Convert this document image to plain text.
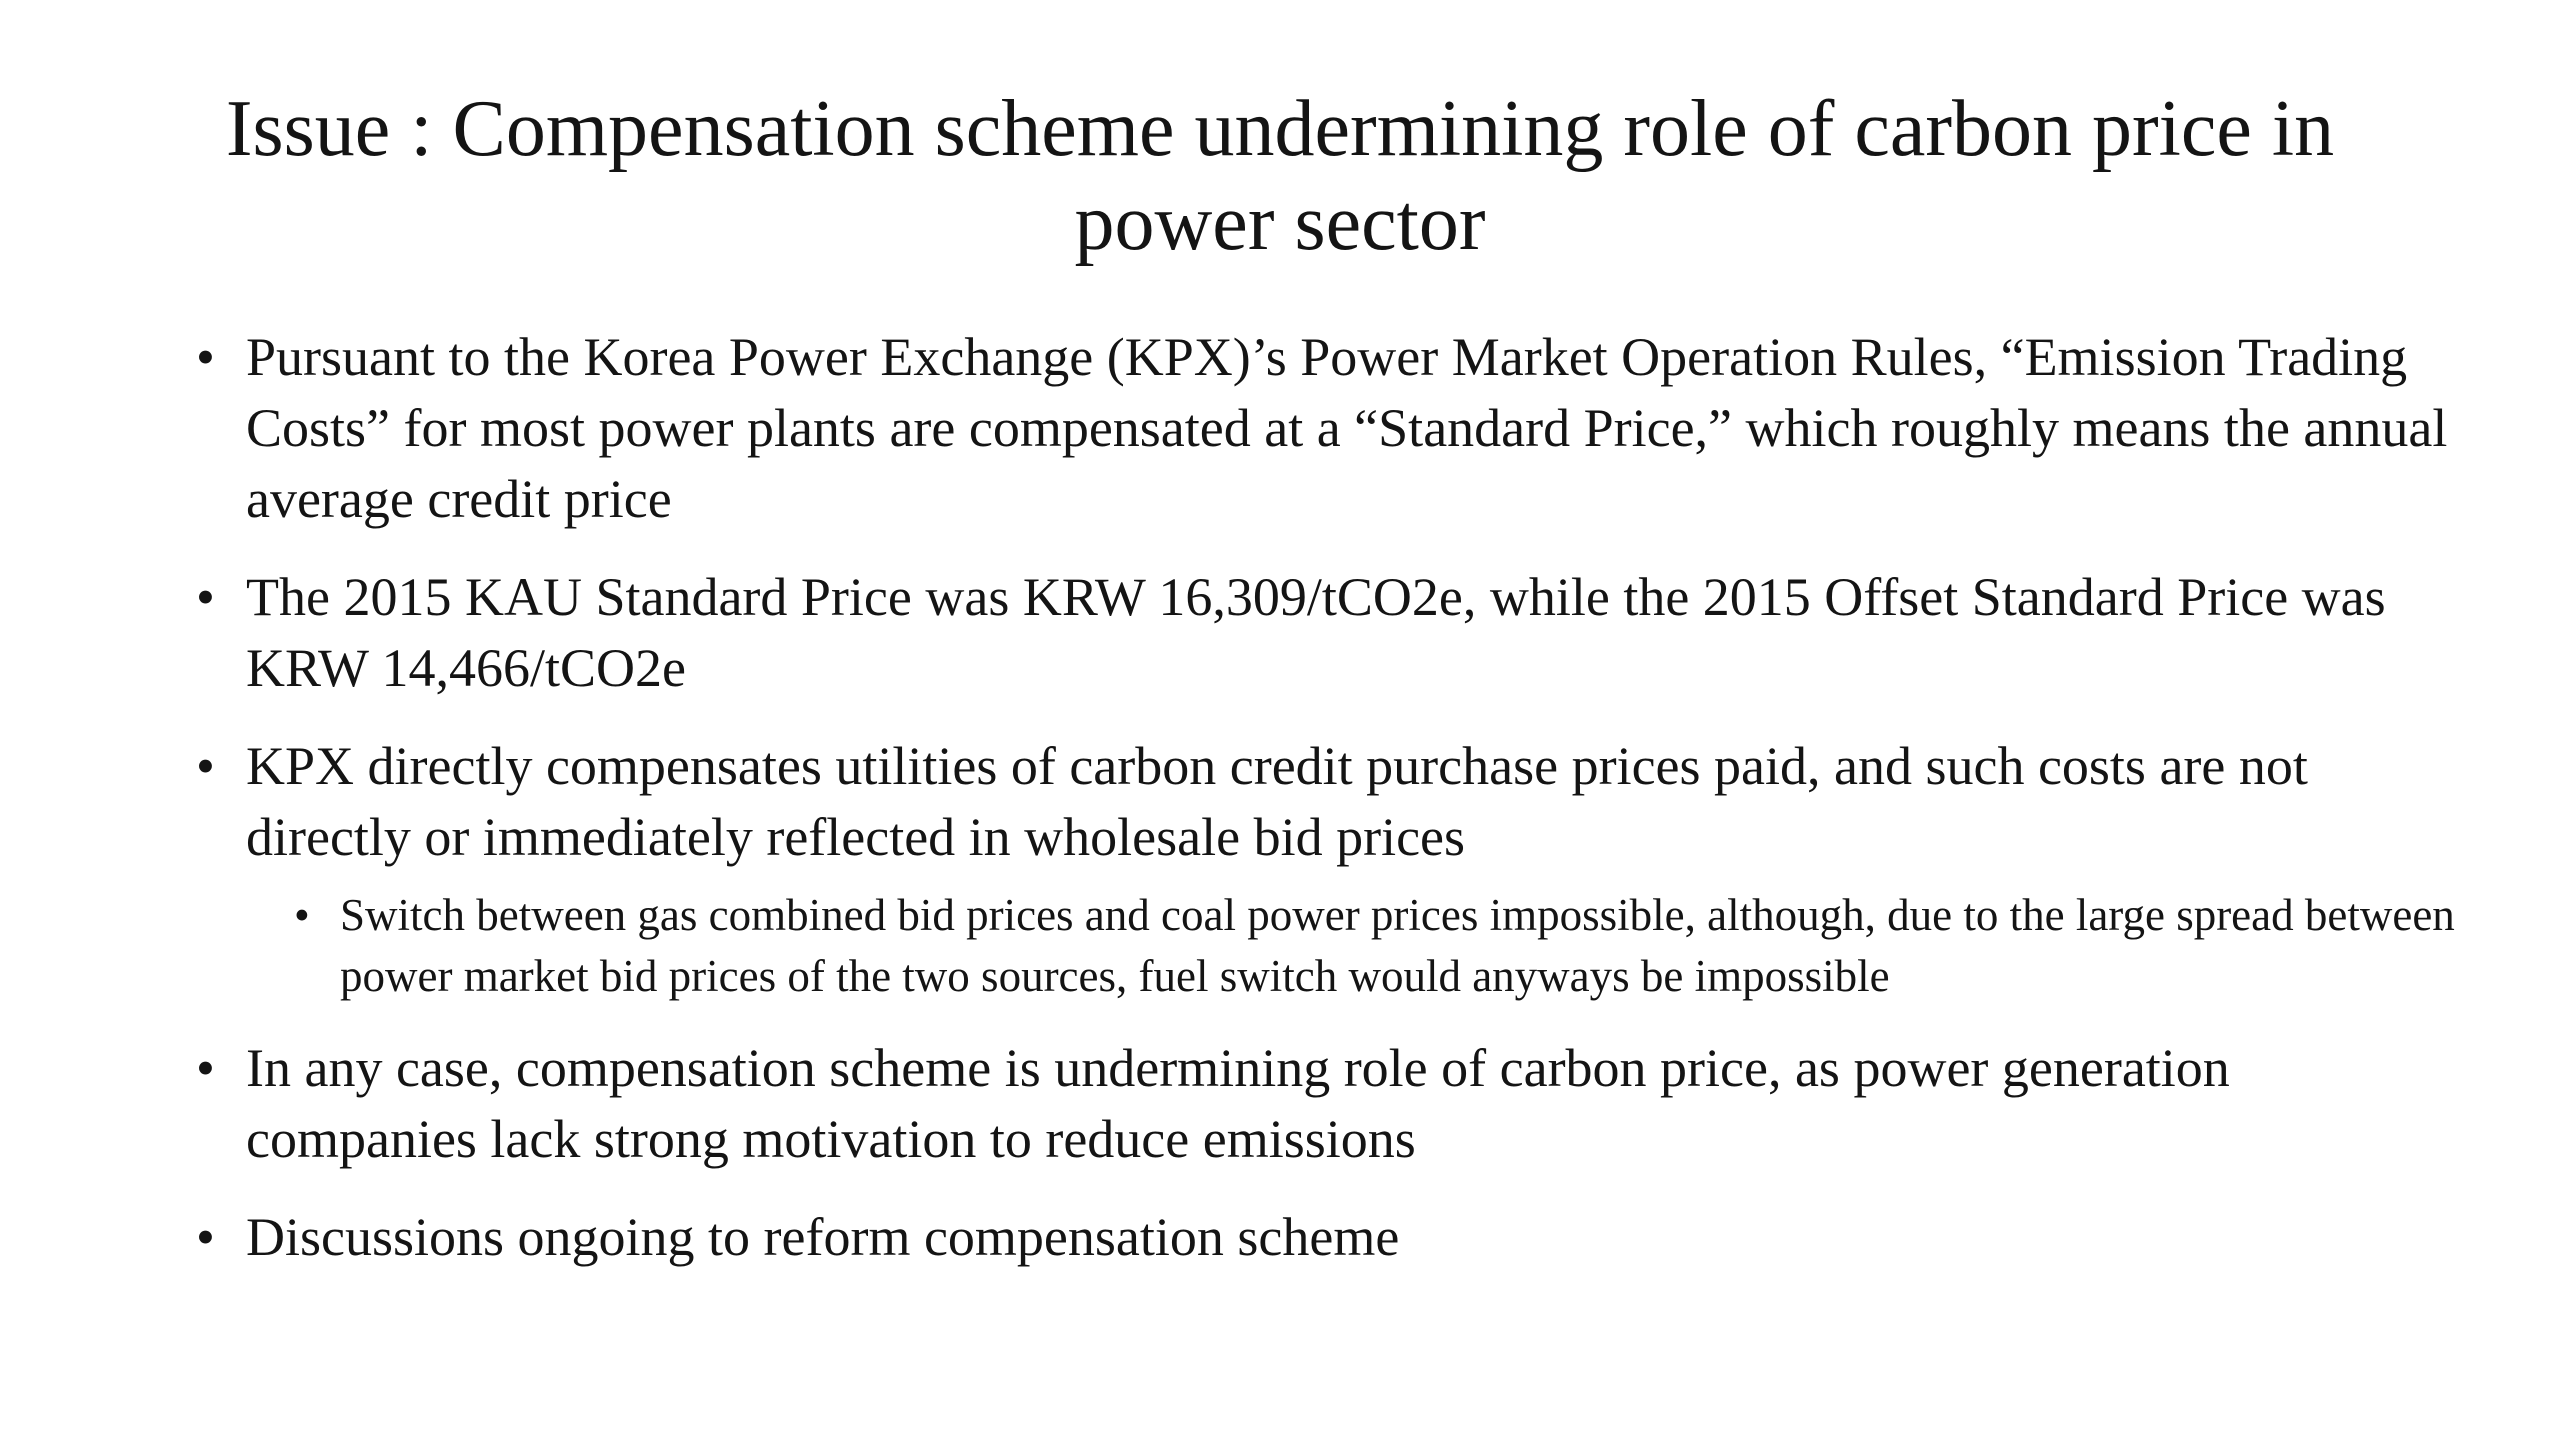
Issue : Compensation scheme undermining role of carbon price in power sector
• Pursuant to the Korea Power Exchange (KPX)’s Power Market Operation Rules, “Emission Trading Costs” for most power plants are compensated at a “Standard Price,” which roughly means the annual average credit price
• The 2015 KAU Standard Price was KRW 16,309/tCO2e, while the 2015 Offset Standard Price was KRW 14,466/tCO2e
• KPX directly compensates utilities of carbon credit purchase prices paid, and such costs are not directly or immediately reflected in wholesale bid prices
• Switch between gas combined bid prices and coal power prices impossible, although, due to the large spread between power market bid prices of the two sources, fuel switch would anyways be impossible
• In any case, compensation scheme is undermining role of carbon price, as power generation companies lack strong motivation to reduce emissions
• Discussions ongoing to reform compensation scheme
